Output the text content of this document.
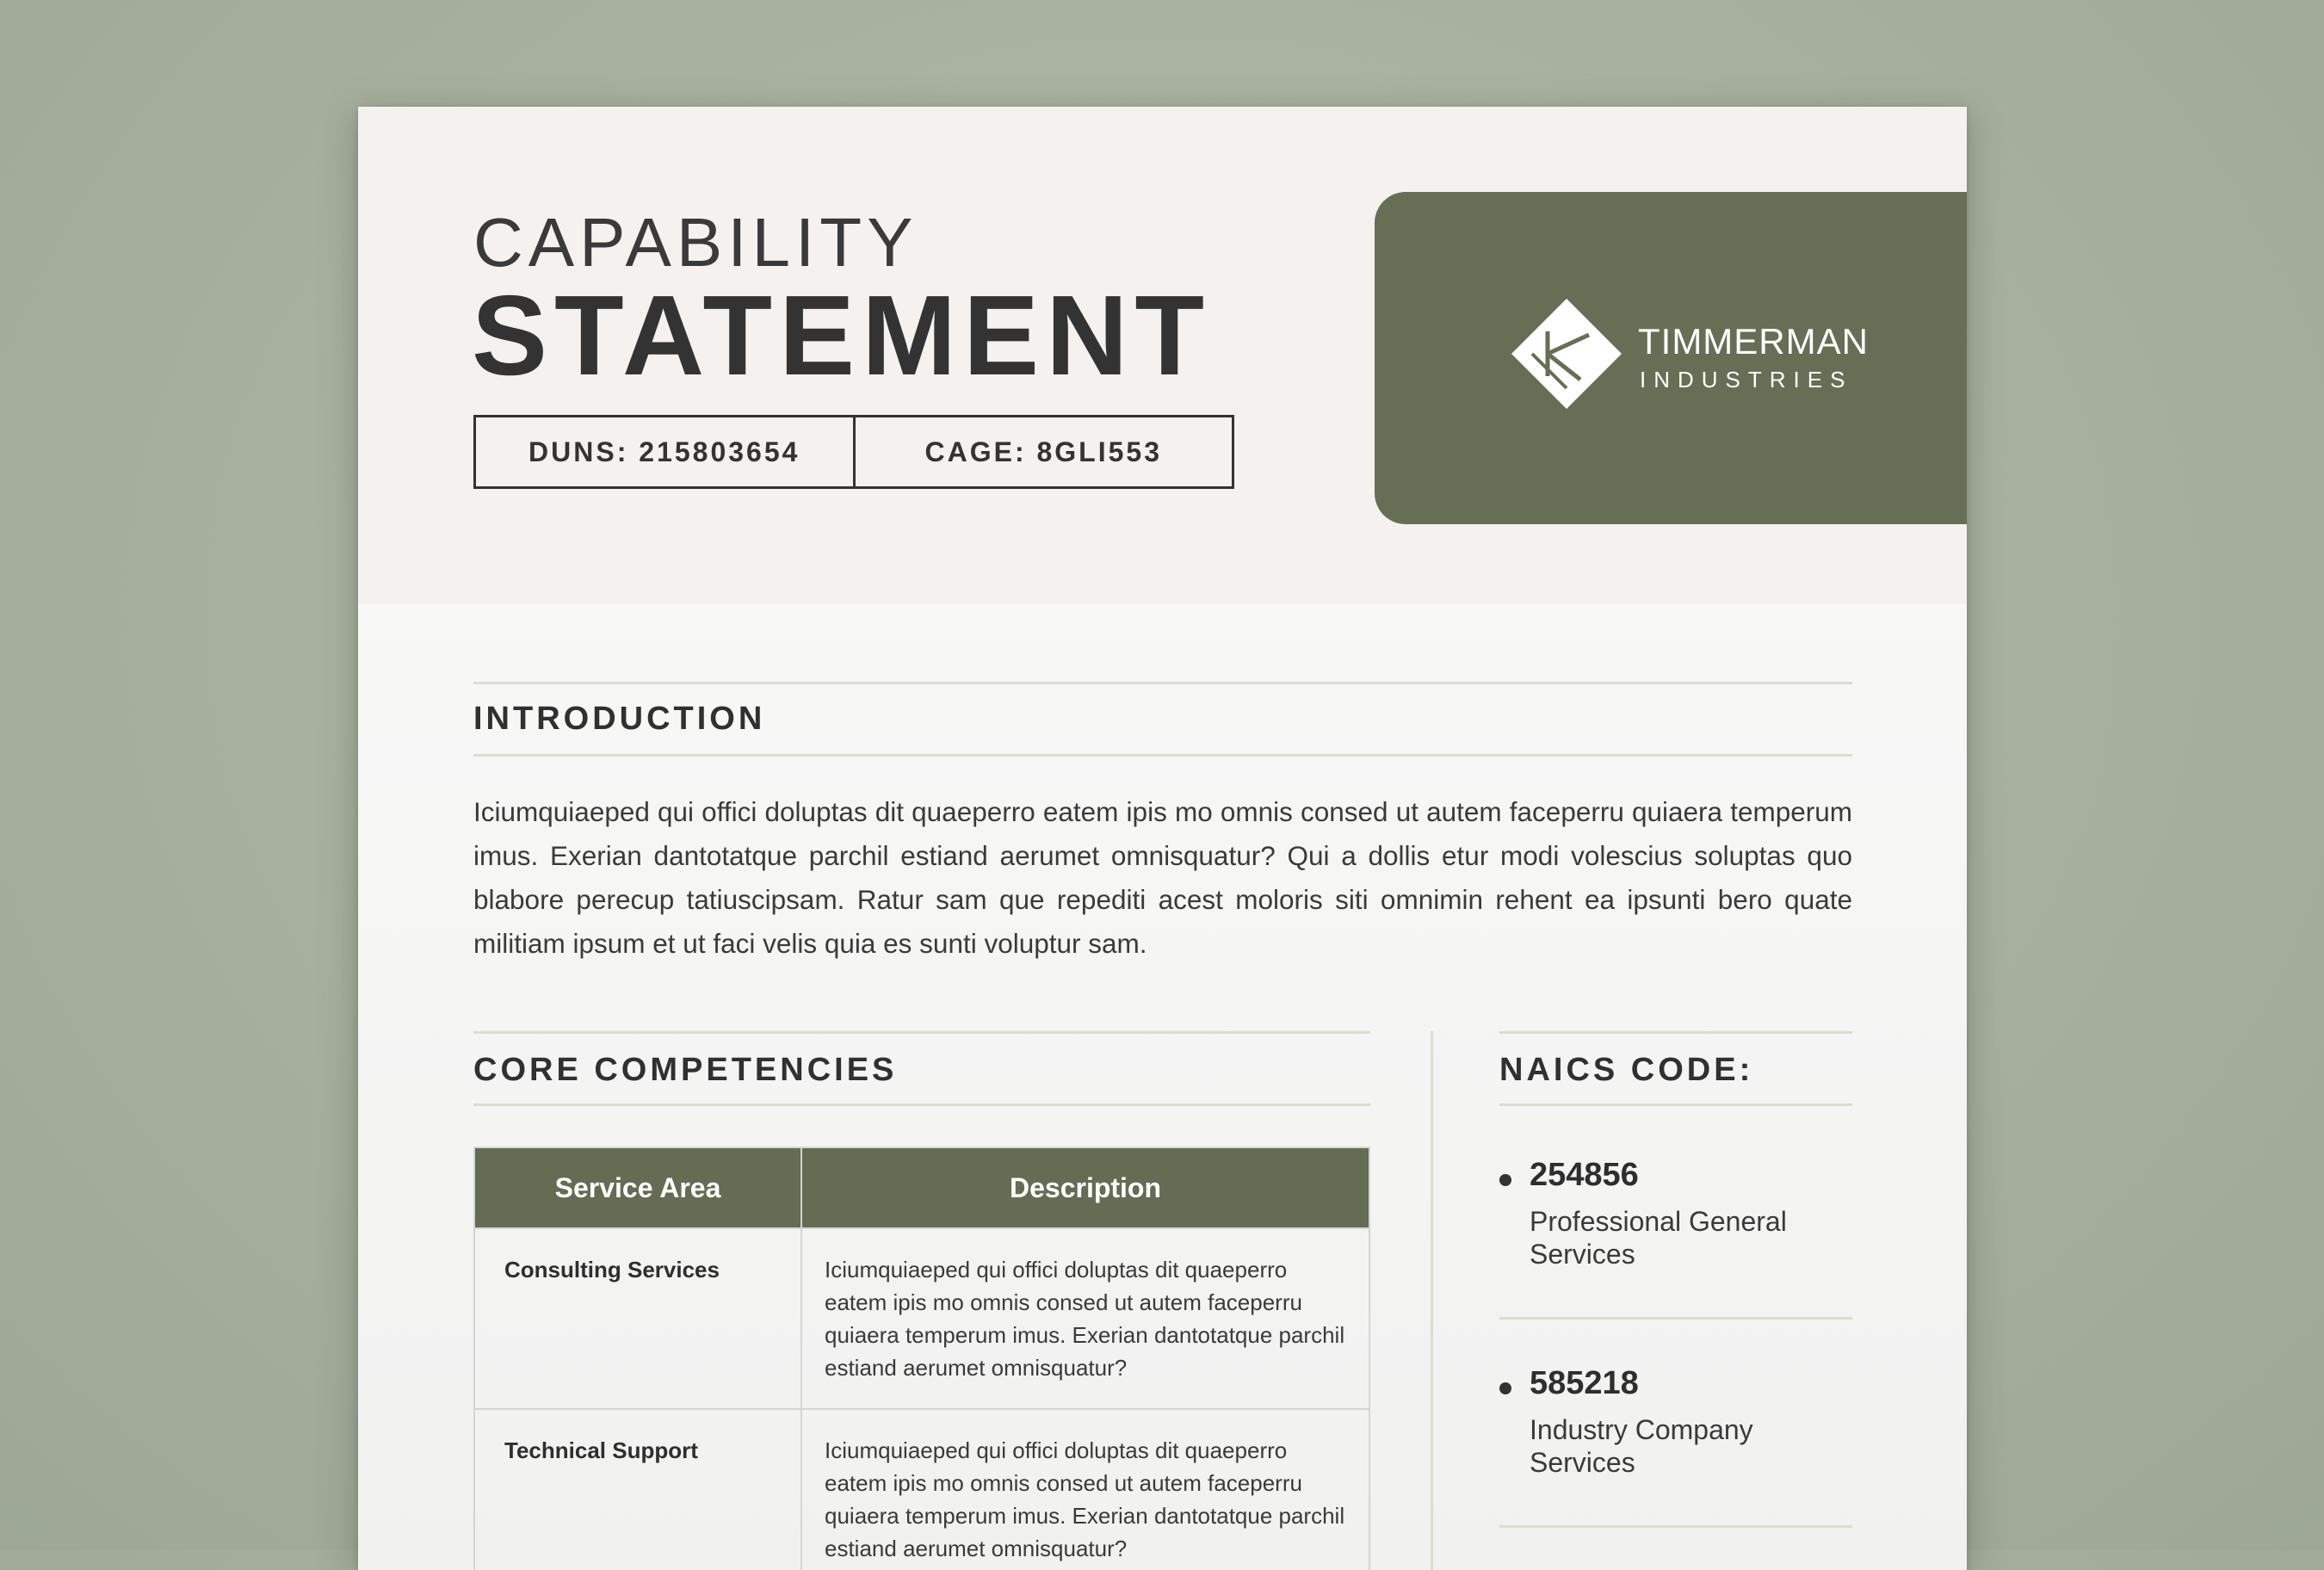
CAPABILITY
STATEMENT
DUNS: 215803654	CAGE: 8GLI553
TIMMERMAN
INDUSTRIES
INTRODUCTION
Iciumquiaeped qui offici doluptas dit quaeperro eatem ipis mo omnis consed ut autem faceperru quiaera temperum imus. Exerian dantotatque parchil estiand aerumet omnisquatur? Qui a dollis etur modi volescius soluptas quo blabore perecup tatiuscipsam. Ratur sam que repediti acest moloris siti omnimin rehent ea ipsunti bero quate militiam ipsum et ut faci velis quia es sunti voluptur sam.
CORE COMPETENCIES
Service Area	Description
Consulting Services	Iciumquiaeped qui offici doluptas dit quaeperro eatem ipis mo omnis consed ut autem faceperru quiaera temperum imus. Exerian dantotatque parchil estiand aerumet omnisquatur?
Technical Support	Iciumquiaeped qui offici doluptas dit quaeperro eatem ipis mo omnis consed ut autem faceperru quiaera temperum imus. Exerian dantotatque parchil estiand aerumet omnisquatur?
NAICS CODE:
254856
Professional General Services
585218
Industry Company Services
